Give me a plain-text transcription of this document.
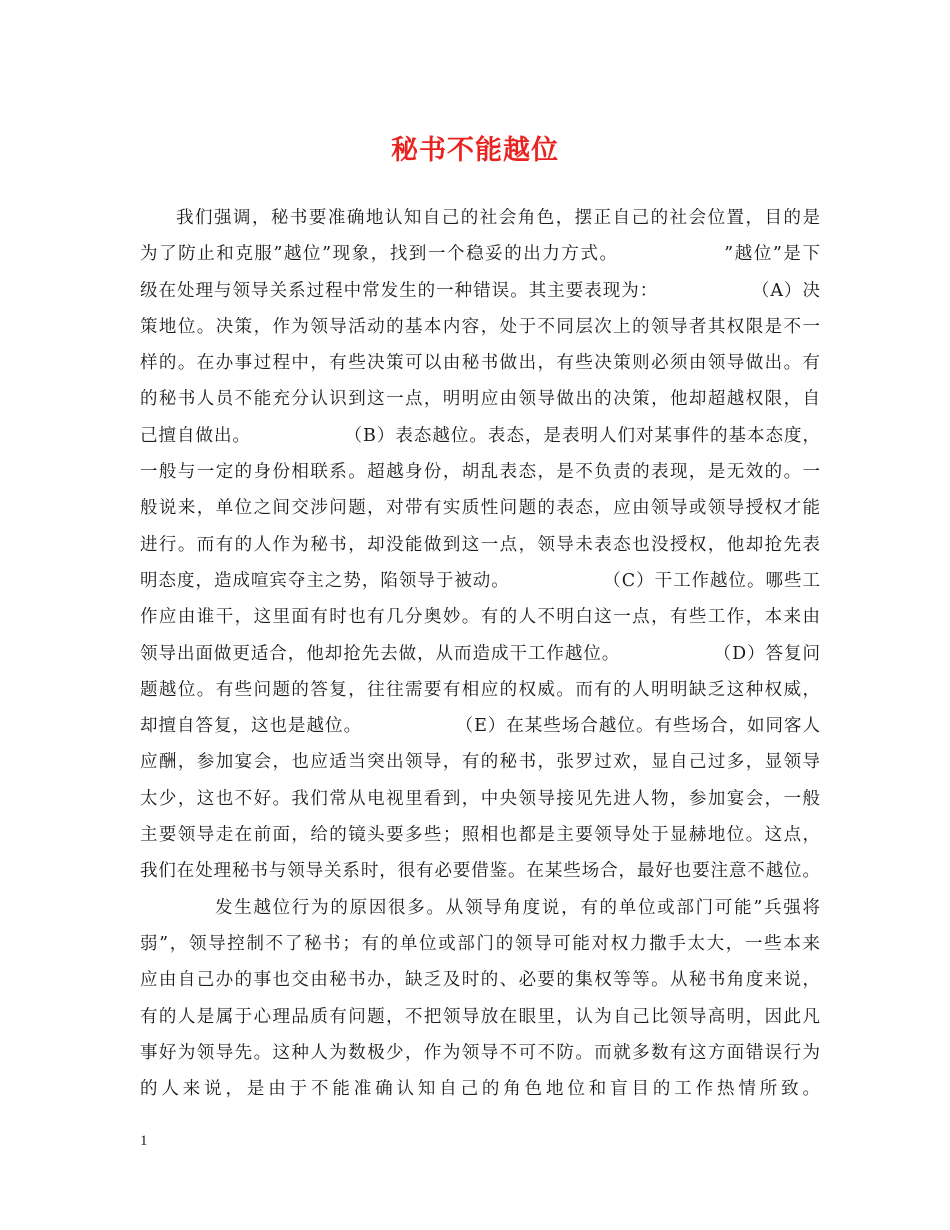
秘书不能越位
我们强调，秘书要准确地认知自己的社会角色，摆正自己的社会位置，目的是
为了防止和克服”越位”现象，找到一个稳妥的出力方式。　　　　　　”越位”是下
级在处理与领导关系过程中常发生的一种错误。其主要表现为：　　　　　　（A）决
策地位。决策，作为领导活动的基本内容，处于不同层次上的领导者其权限是不一
样的。在办事过程中，有些决策可以由秘书做出，有些决策则必须由领导做出。有
的秘书人员不能充分认识到这一点，明明应由领导做出的决策，他却超越权限，自
己擅自做出。　　　　　　（B）表态越位。表态，是表明人们对某事件的基本态度，
一般与一定的身份相联系。超越身份，胡乱表态，是不负责的表现，是无效的。一
般说来，单位之间交涉问题，对带有实质性问题的表态，应由领导或领导授权才能
进行。而有的人作为秘书，却没能做到这一点，领导未表态也没授权，他却抢先表
明态度，造成喧宾夺主之势，陷领导于被动。　　　　　　（C）干工作越位。哪些工
作应由谁干，这里面有时也有几分奥妙。有的人不明白这一点，有些工作，本来由
领导出面做更适合，他却抢先去做，从而造成干工作越位。　　　　　　（D）答复问
题越位。有些问题的答复，往往需要有相应的权威。而有的人明明缺乏这种权威，
却擅自答复，这也是越位。　　　　　　（E）在某些场合越位。有些场合，如同客人
应酬，参加宴会，也应适当突出领导，有的秘书，张罗过欢，显自己过多，显领导
太少，这也不好。我们常从电视里看到，中央领导接见先进人物，参加宴会，一般
主要领导走在前面，给的镜头要多些；照相也都是主要领导处于显赫地位。这点，
我们在处理秘书与领导关系时，很有必要借鉴。在某些场合，最好也要注意不越位。
发生越位行为的原因很多。从领导角度说，有的单位或部门可能”兵强将
弱”，领导控制不了秘书；有的单位或部门的领导可能对权力撒手太大，一些本来
应由自己办的事也交由秘书办，缺乏及时的、必要的集权等等。从秘书角度来说，
有的人是属于心理品质有问题，不把领导放在眼里，认为自己比领导高明，因此凡
事好为领导先。这种人为数极少，作为领导不可不防。而就多数有这方面错误行为
的人来说，是由于不能准确认知自己的角色地位和盲目的工作热情所致。
1
